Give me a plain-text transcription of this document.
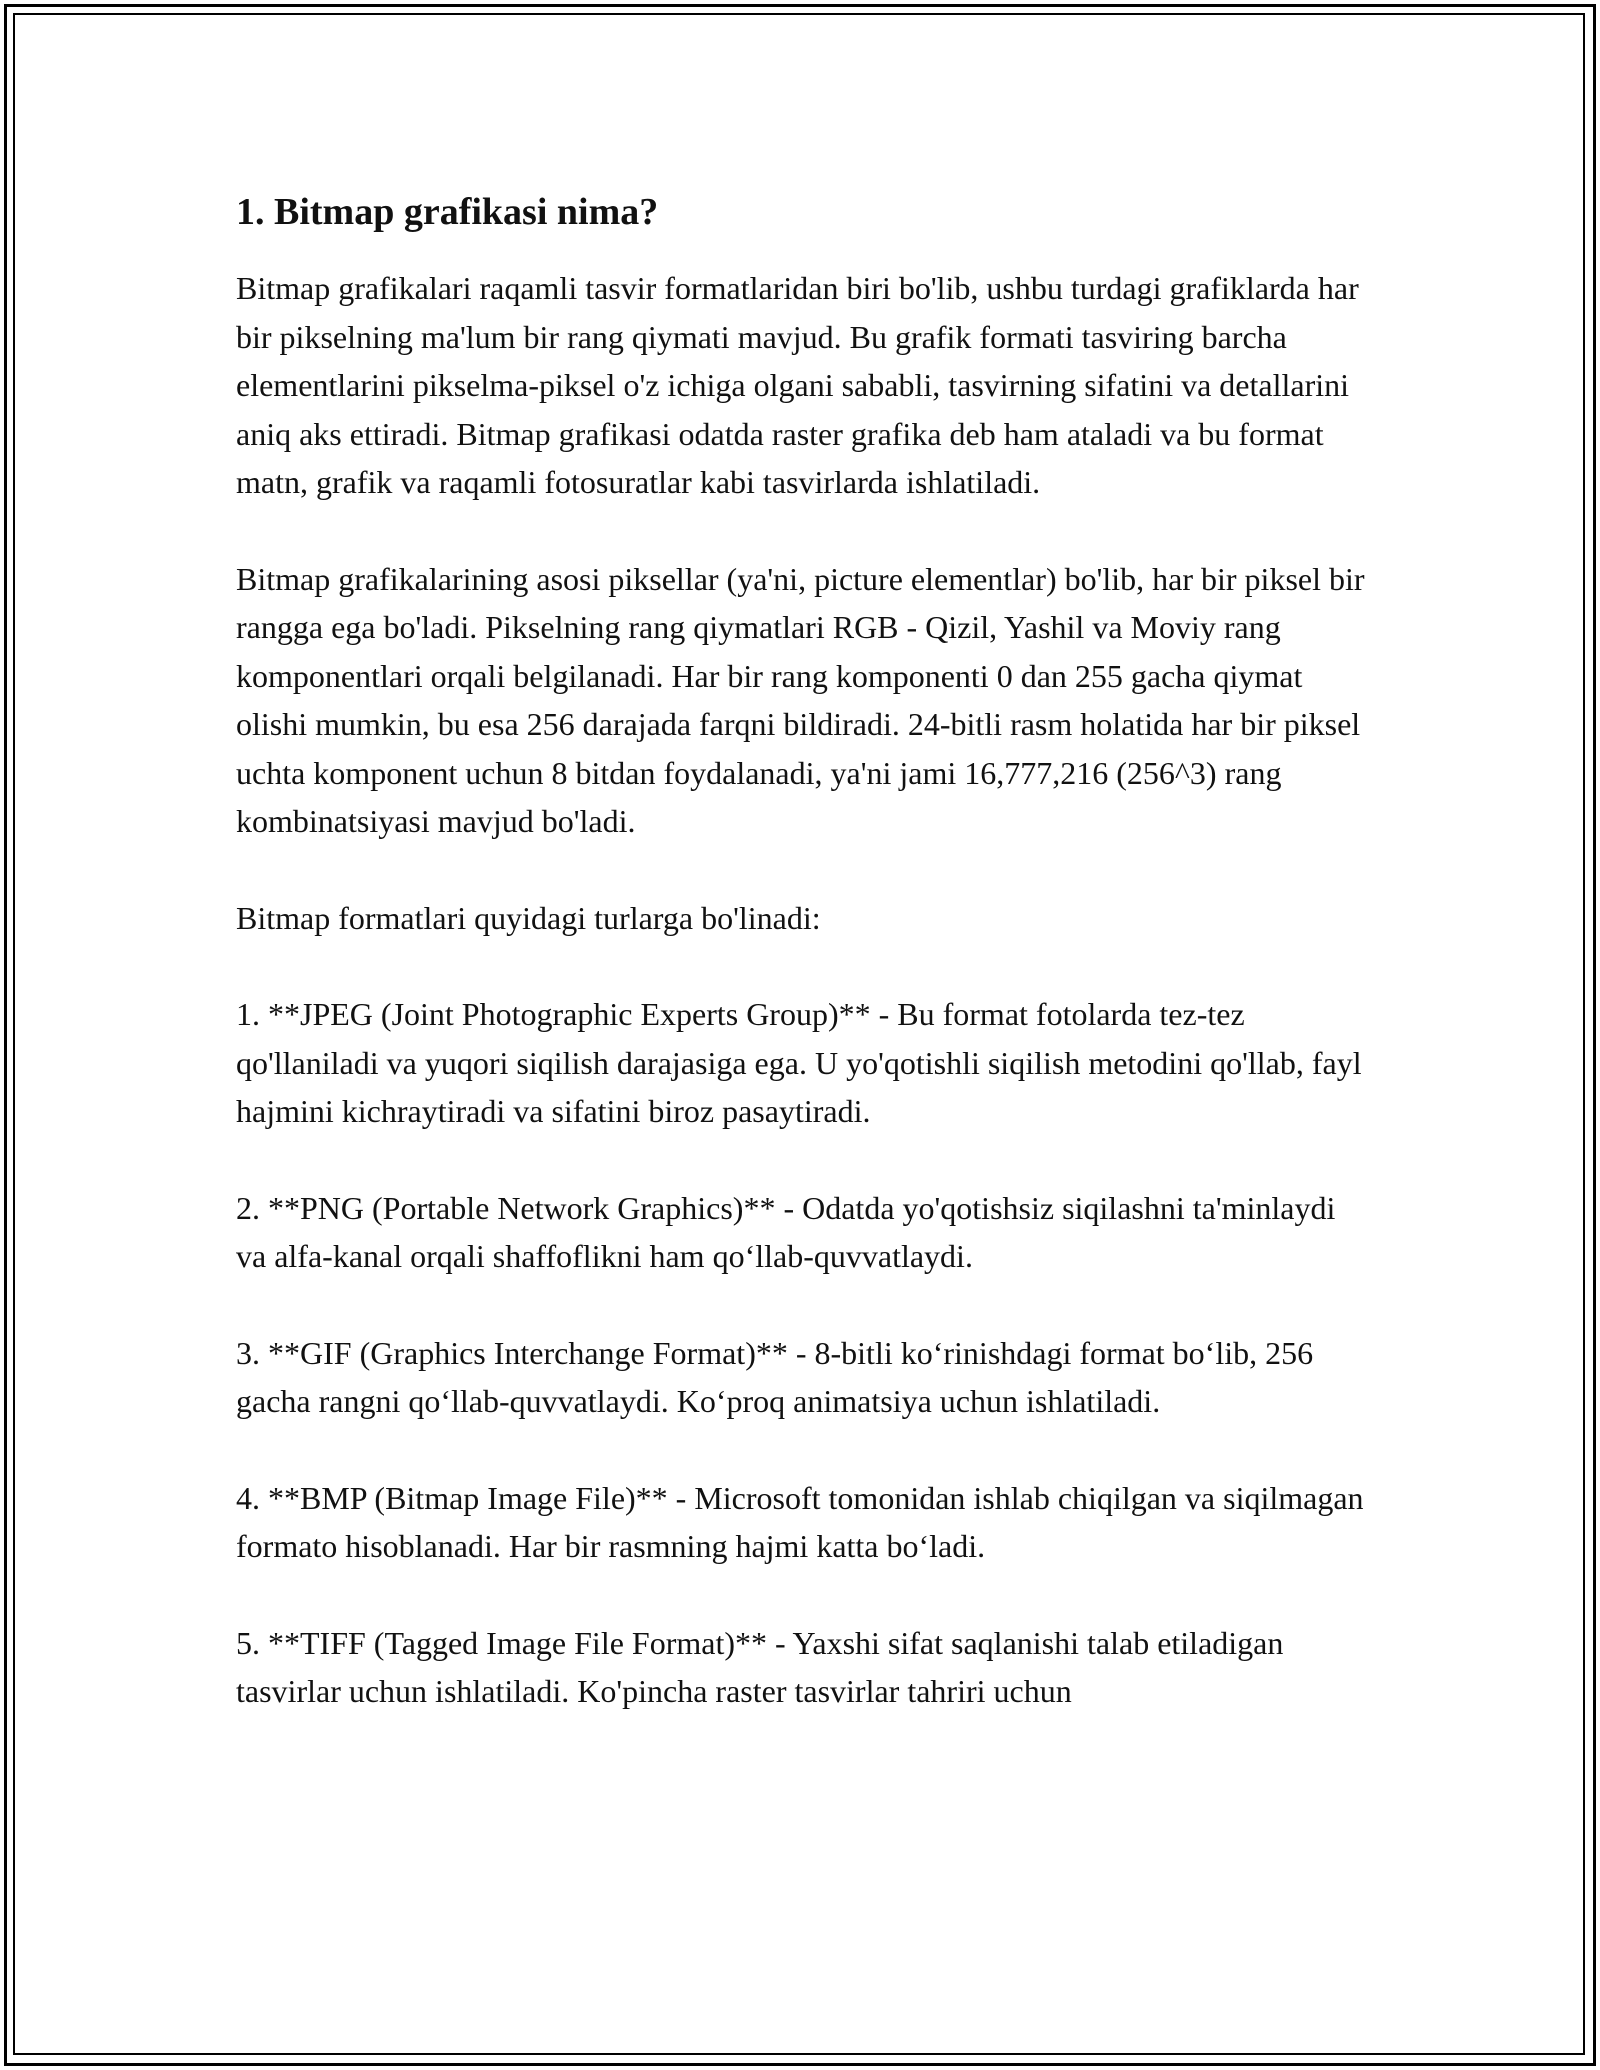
1. Bitmap grafikasi nima?

Bitmap grafikalari raqamli tasvir formatlaridan biri bo'lib, ushbu turdagi grafiklarda har bir pikselning ma'lum bir rang qiymati mavjud. Bu grafik formati tasviring barcha elementlarini pikselma-piksel o'z ichiga olgani sababli, tasvirning sifatini va detallarini aniq aks ettiradi. Bitmap grafikasi odatda raster grafika deb ham ataladi va bu format matn, grafik va raqamli fotosuratlar kabi tasvirlarda ishlatiladi.

Bitmap grafikalarining asosi piksellar (ya'ni, picture elementlar) bo'lib, har bir piksel bir rangga ega bo'ladi. Pikselning rang qiymatlari RGB - Qizil, Yashil va Moviy rang komponentlari orqali belgilanadi. Har bir rang komponenti 0 dan 255 gacha qiymat olishi mumkin, bu esa 256 darajada farqni bildiradi. 24-bitli rasm holatida har bir piksel uchta komponent uchun 8 bitdan foydalanadi, ya'ni jami 16,777,216 (256^3) rang kombinatsiyasi mavjud bo'ladi.

Bitmap formatlari quyidagi turlarga bo'linadi:

1. **JPEG (Joint Photographic Experts Group)** - Bu format fotolarda tez-tez qo'llaniladi va yuqori siqilish darajasiga ega. U yo'qotishli siqilish metodini qo'llab, fayl hajmini kichraytiradi va sifatini biroz pasaytiradi.

2. **PNG (Portable Network Graphics)** - Odatda yo'qotishsiz siqilashni ta'minlaydi va alfa-kanal orqali shaffoflikni ham qo‘llab-quvvatlaydi.

3. **GIF (Graphics Interchange Format)** - 8-bitli ko‘rinishdagi format bo‘lib, 256 gacha rangni qo‘llab-quvvatlaydi. Ko‘proq animatsiya uchun ishlatiladi.

4. **BMP (Bitmap Image File)** - Microsoft tomonidan ishlab chiqilgan va siqilmagan formato hisoblanadi. Har bir rasmning hajmi katta bo‘ladi.

5. **TIFF (Tagged Image File Format)** - Yaxshi sifat saqlanishi talab etiladigan tasvirlar uchun ishlatiladi. Ko'pincha raster tasvirlar tahriri uchun
